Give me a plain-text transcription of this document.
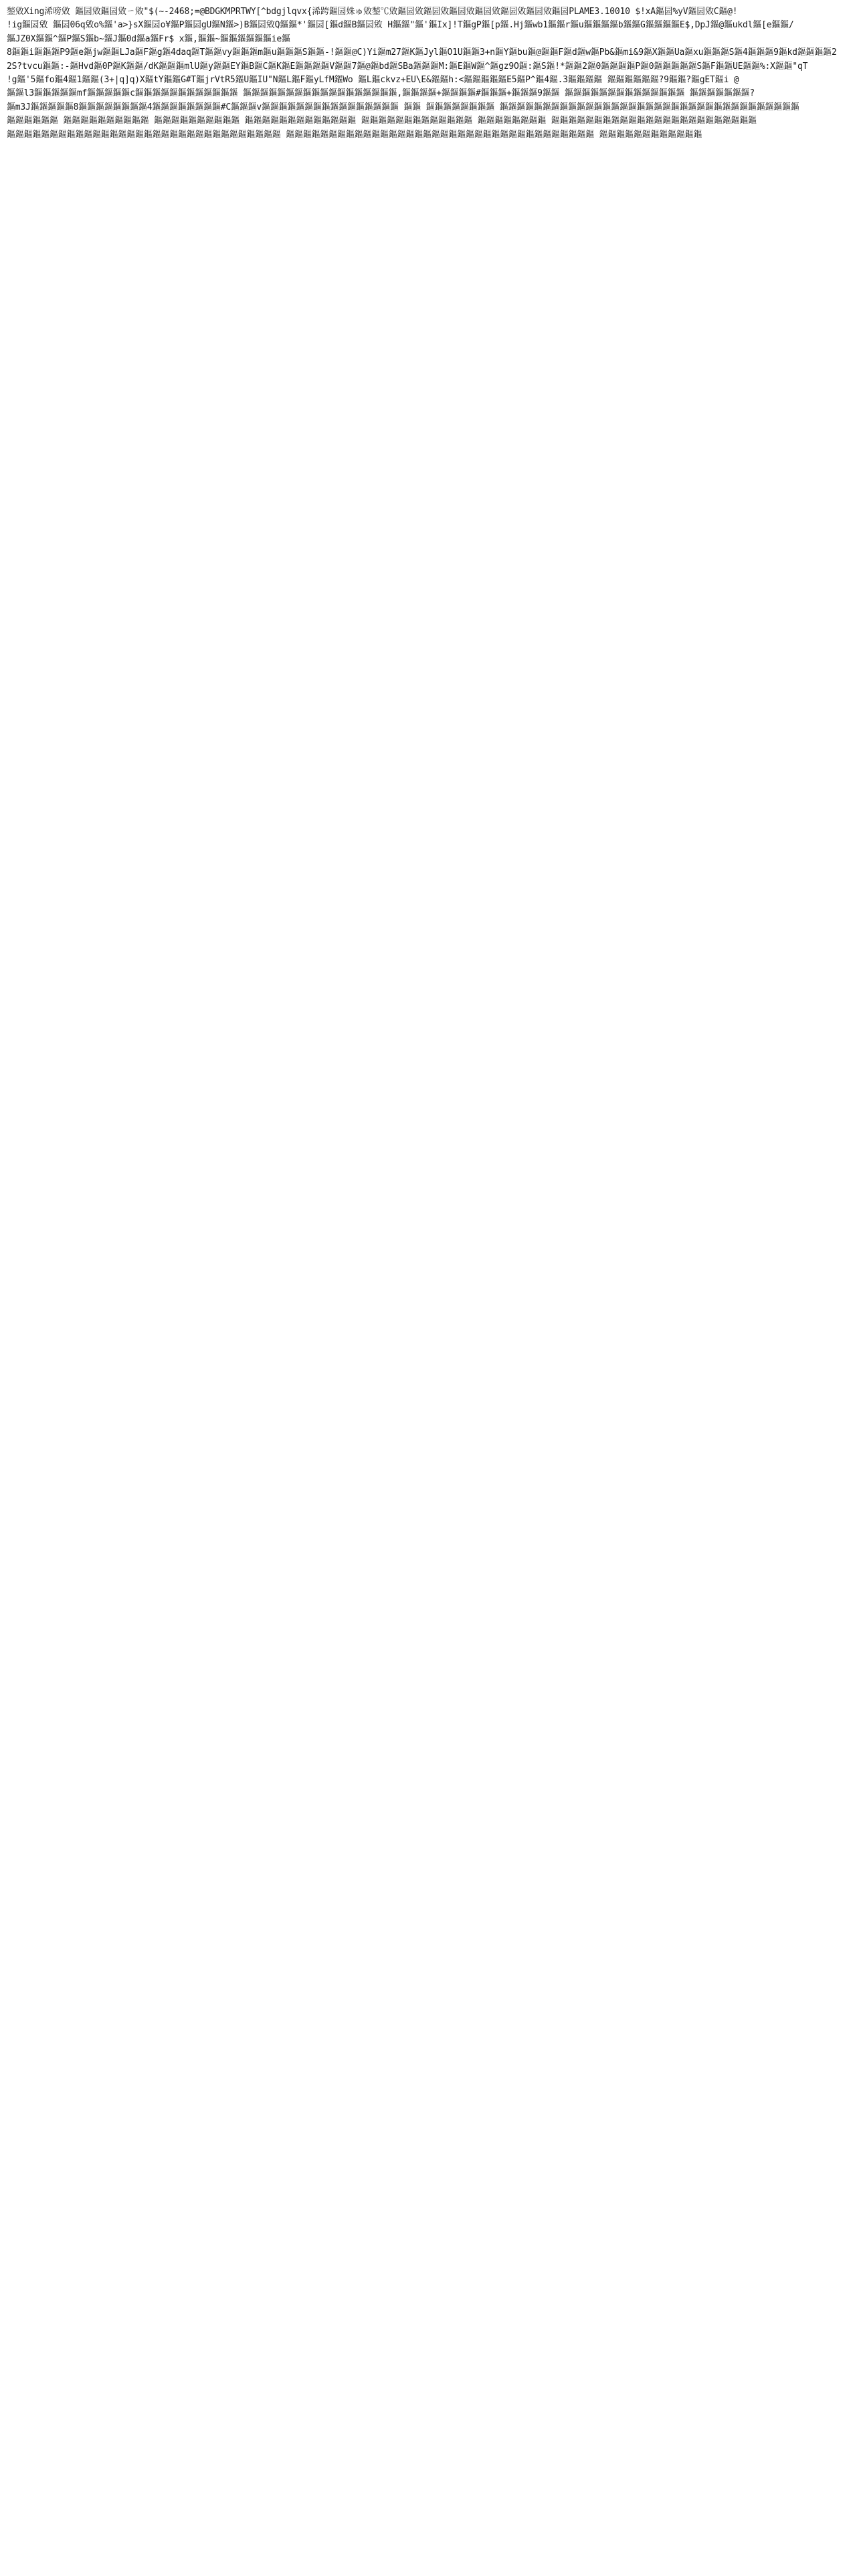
鍫敓Xing浠嗙敓 鏂囩敓鏂囩敓ㄧ敓"$(~-2468;=@BDGKMPRTWY[^bdgjlqvx{浠跨鏂囩姝ゅ敓鍫℃敓鏂囩敓鏂囩敓鏂囩敓鏂囩敓鏂囩敓鏂囩敓鏂囩PLAME3.10010 $!xA鏂囩%yV鏂囩敓C鏂@!
!ig鏂囩敓 鏂囩06q敓o%鏂'a>}sX鏂囩o¥鏂P鏂囩gU鏂N鏂>)B鏂囩敓Q鏂鏂*'鏂囩[鏂d鏂B鏂囩敓 H鏂鏂"鏂'鏂Ix]!T鏂gP鏂[p鏂.Hj鏂wb1鏂鏂r鏂u鏂鏂鏂鏂b鏂鏂G鏂鏂鏂鏂E$,DpJ鏂@鏂ukdl鏂[e鏂鏂/
鏂JZ0X鏂鏂^鏂P鏂S鏂b~鏂J鏂0d鏂a鏂Fr$ x鏂,鏂鏂~鏂鏂鏂鏂鏂鏂ie鏂
8鏂鏂i鏂鏂鏂P9鏂e鏂jw鏂鏂LJa鏂F鏂g鏂4daq鏂T鏂鏂vy鏂鏂鏂m鏂u鏂鏂鏂S鏂鏂-!鏂鏂@C)Yi鏂m27鏂K鏂Jyl鏂O1U鏂鏂3+n鏂Y鏂bu鏂@鏂鏂F鏂d鏂w鏂Pb&鏂mi&9鏂X鏂鏂Ua鏂xu鏂鏂鏂S鏂4鏂鏂鏂9鏂kd鏂鏂鏂鏂2
2S?tvcu鏂鏂:-鏂Hvd鏂0P鏂K鏂鏂/dK鏂鏂鏂mlU鏂y鏂鏂EY鏂B鏂C鏂K鏂E鏂鏂鏂鏂V鏂鏂7鏂@鏂bd鏂SBa鏂鏂鏂M:鏂E鏂W鏂^鏂gz9O鏂:鏂S鏂!*鏂鏂2鏂0鏂鏂鏂鏂P鏂0鏂鏂鏂鏂鏂S鏂F鏂鏂UE鏂鏂%:X鏂鏂"qT
!g鏂'5鏂fo鏂4鏂1鏂鏂(3+|q]q)X鏂tY鏂鏂G#T鏂jrVtR5鏂U鏂IU"N鏂L鏂F鏂yLfM鏂Wo 鏂L鏂ckvz+EU\E&鏂鏂h:<鏂鏂鏂鏂鏂E5鏂P^鏂4鏂.3鏂鏂鏂鏂 鏂鏂鏂鏂鏂鏂?9鏂鏂?鏂gET鏂i @
鏂鏂l3鏂鏂鏂鏂鏂mf鏂鏂鏂鏂鏂c鏂鏂鏂鏂鏂鏂鏂鏂鏂鏂鏂鏂 鏂鏂鏂鏂鏂鏂鏂鏂鏂鏂鏂鏂鏂鏂鏂鏂鏂鏂,鏂鏂鏂鏂+鏂鏂鏂鏂#鏂鏂鏂+鏂鏂鏂9鏂鏂 鏂鏂鏂鏂鏂鏂鏂鏂鏂鏂鏂鏂鏂鏂 鏂鏂鏂鏂鏂鏂鏂?
鏂m3J鏂鏂鏂鏂鏂8鏂鏂鏂鏂鏂鏂鏂鏂4鏂鏂鏂鏂鏂鏂鏂鏂#C鏂鏂鏂v鏂鏂鏂鏂鏂鏂鏂鏂鏂鏂鏂鏂鏂鏂鏂鏂 鏂鏂 鏂鏂鏂鏂鏂鏂鏂鏂 鏂鏂鏂鏂鏂鏂鏂鏂鏂鏂鏂鏂鏂鏂鏂鏂鏂鏂鏂鏂鏂鏂鏂鏂鏂鏂鏂鏂鏂鏂鏂鏂鏂鏂鏂
鏂鏂鏂鏂鏂鏂 鏂鏂鏂鏂鏂鏂鏂鏂鏂鏂 鏂鏂鏂鏂鏂鏂鏂鏂鏂鏂 鏂鏂鏂鏂鏂鏂鏂鏂鏂鏂鏂鏂鏂 鏂鏂鏂鏂鏂鏂鏂鏂鏂鏂鏂鏂鏂 鏂鏂鏂鏂鏂鏂鏂鏂 鏂鏂鏂鏂鏂鏂鏂鏂鏂鏂鏂鏂鏂鏂鏂鏂鏂鏂鏂鏂鏂鏂鏂鏂
鏂鏂鏂鏂鏂鏂鏂鏂鏂鏂鏂鏂鏂鏂鏂鏂鏂鏂鏂鏂鏂鏂鏂鏂鏂鏂鏂鏂鏂鏂鏂鏂 鏂鏂鏂鏂鏂鏂鏂鏂鏂鏂鏂鏂鏂鏂鏂鏂鏂鏂鏂鏂鏂鏂鏂鏂鏂鏂鏂鏂鏂鏂鏂鏂鏂鏂鏂鏂 鏂鏂鏂鏂鏂鏂鏂鏂鏂鏂鏂鏂
